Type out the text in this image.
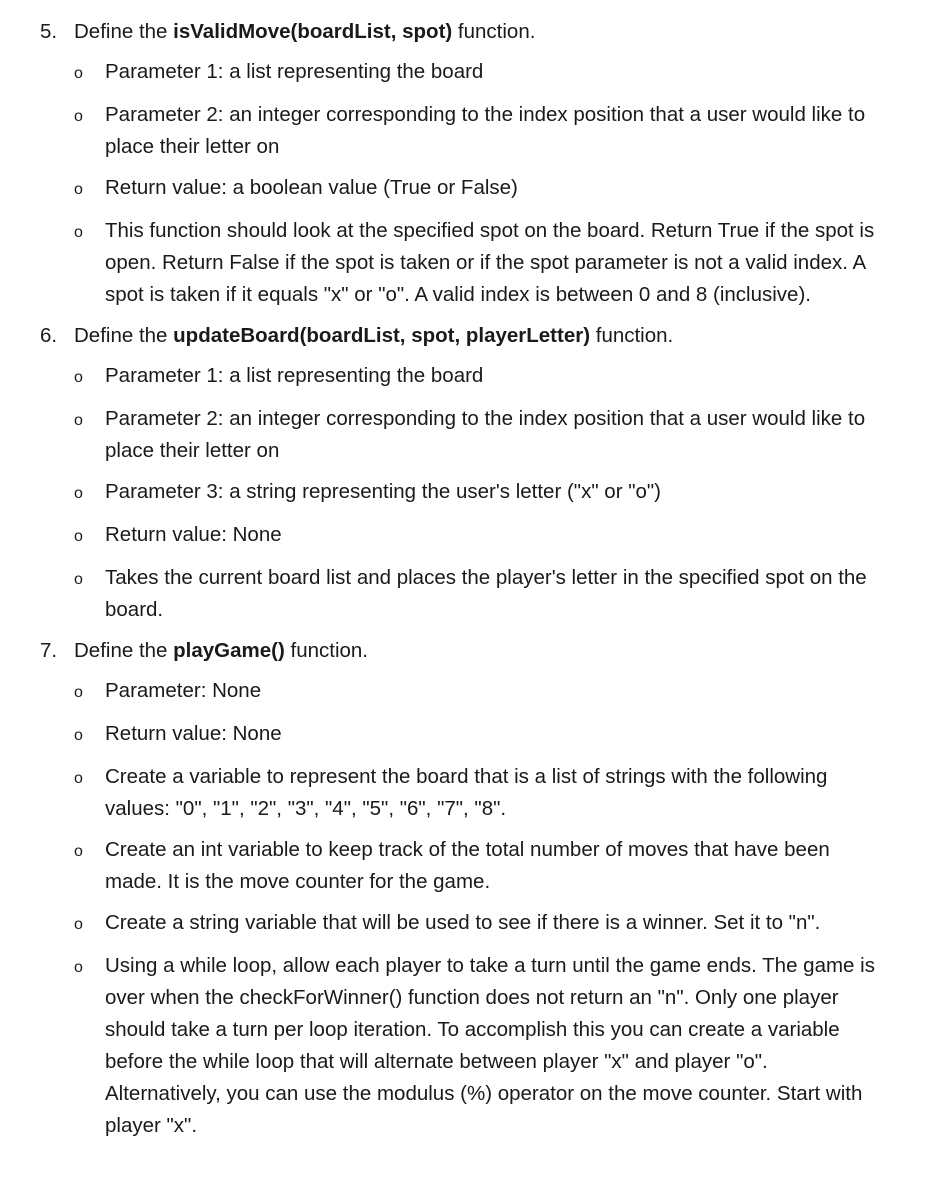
5. Define the isValidMove(boardList, spot) function.
o	Parameter 1: a list representing the board
o	Parameter 2: an integer corresponding to the index position that a user would like to place their letter on
o	Return value: a boolean value (True or False)
o	This function should look at the specified spot on the board. Return True if the spot is open. Return False if the spot is taken or if the spot parameter is not a valid index. A spot is taken if it equals "x" or "o". A valid index is between 0 and 8 (inclusive).
6. Define the updateBoard(boardList, spot, playerLetter) function.
o	Parameter 1: a list representing the board
o	Parameter 2: an integer corresponding to the index position that a user would like to place their letter on
o	Parameter 3: a string representing the user's letter ("x" or "o")
o	Return value: None
o	Takes the current board list and places the player's letter in the specified spot on the board.
7. Define the playGame() function.
o	Parameter: None
o	Return value: None
o	Create a variable to represent the board that is a list of strings with the following values: "0", "1", "2", "3", "4", "5", "6", "7", "8".
o	Create an int variable to keep track of the total number of moves that have been made. It is the move counter for the game.
o	Create a string variable that will be used to see if there is a winner. Set it to "n".
o	Using a while loop, allow each player to take a turn until the game ends. The game is over when the checkForWinner() function does not return an "n". Only one player should take a turn per loop iteration. To accomplish this you can create a variable before the while loop that will alternate between player "x" and player "o". Alternatively, you can use the modulus (%) operator on the move counter. Start with player "x".
